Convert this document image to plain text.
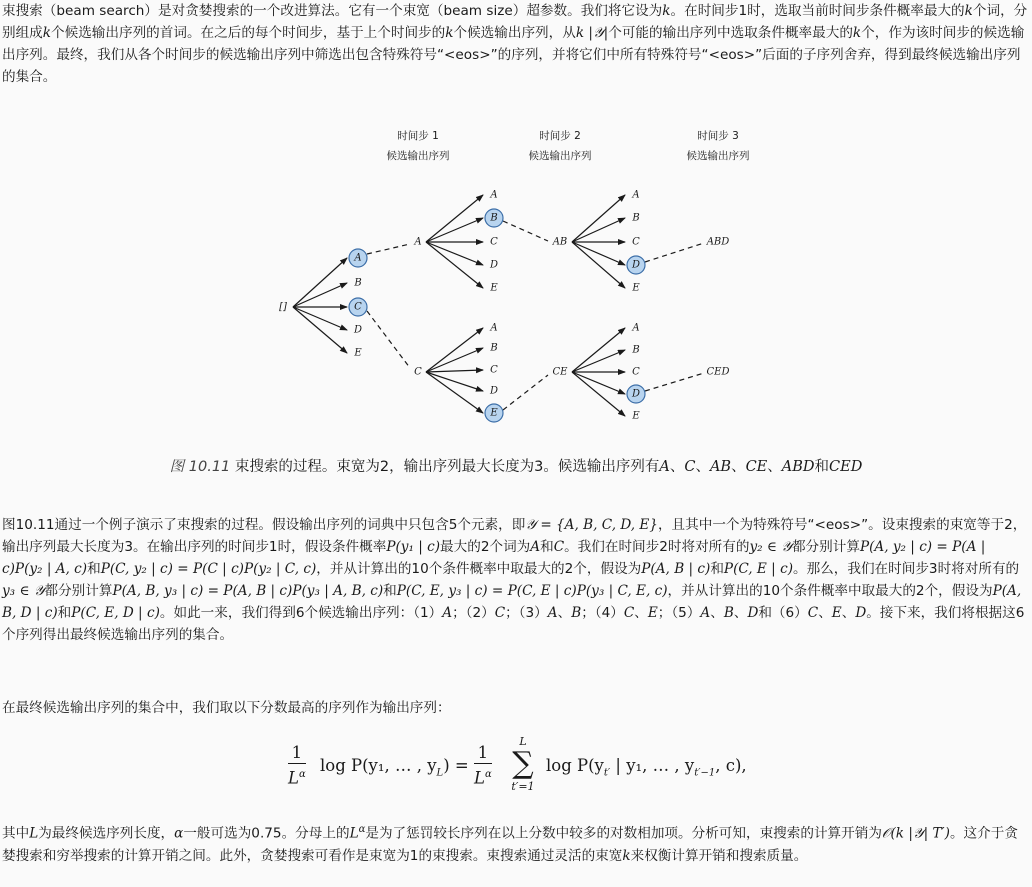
束搜索（beam search）是对贪婪搜索的一个改进算法。它有一个束宽（beam size）超参数。我们将它设为k。在时间步1时，选取当前时间步条件概率最大的k个词，分别组成k个候选输出序列的首词。在之后的每个时间步，基于上个时间步的k个候选输出序列，从k |𝒴|个可能的输出序列中选取条件概率最大的k个，作为该时间步的候选输出序列。最终，我们从各个时间步的候选输出序列中筛选出包含特殊符号“<eos>”的序列，并将它们中所有特殊符号“<eos>”后面的子序列舍弃，得到最终候选输出序列的集合。

时间步 1
候选输出序列
时间步 2
候选输出序列
时间步 3
候选输出序列
[]
A
B
C
D
E
A
C
A
B
C
D
E
A
B
C
D
E
AB
CE
A
B
C
D
E
A
B
C
D
E
ABD
CED
图 10.11 束搜索的过程。束宽为2，输出序列最大长度为3。候选输出序列有A、C、AB、CE、ABD和CED

图10.11通过一个例子演示了束搜索的过程。假设输出序列的词典中只包含5个元素，即𝒴 = {A, B, C, D, E}，且其中一个为特殊符号“<eos>”。设束搜索的束宽等于2，输出序列最大长度为3。在输出序列的时间步1时，假设条件概率P(y₁ | c)最大的2个词为A和C。我们在时间步2时将对所有的y₂ ∈ 𝒴都分别计算P(A, y₂ | c) = P(A | c)P(y₂ | A, c)和P(C, y₂ | c) = P(C | c)P(y₂ | C, c)，并从计算出的10个条件概率中取最大的2个，假设为P(A, B | c)和P(C, E | c)。那么，我们在时间步3时将对所有的y₃ ∈ 𝒴都分别计算P(A, B, y₃ | c) = P(A, B | c)P(y₃ | A, B, c)和P(C, E, y₃ | c) = P(C, E | c)P(y₃ | C, E, c)，并从计算出的10个条件概率中取最大的2个，假设为P(A, B, D | c)和P(C, E, D | c)。如此一来，我们得到6个候选输出序列：（1）A；（2）C；（3）A、B；（4）C、E；（5）A、B、D和（6）C、E、D。接下来，我们将根据这6个序列得出最终候选输出序列的集合。

在最终候选输出序列的集合中，我们取以下分数最高的序列作为输出序列：

$\frac{1}{L^\alpha}$ log P(y₁, … , $y_L) = \frac{1}{L^\alpha}$
L
∑
t′=1
$\log P(y_{t'}$ | y₁, … , $y_{t'-1}$, c),

其中L为最终候选序列长度，α一般可选为0.75。分母上的$L^\alpha$是为了惩罚较长序列在以上分数中较多的对数相加项。分析可知，束搜索的计算开销为𝒪(k |𝒴| T′)。这介于贪婪搜索和穷举搜索的计算开销之间。此外，贪婪搜索可看作是束宽为1的束搜索。束搜索通过灵活的束宽k来权衡计算开销和搜索质量。
